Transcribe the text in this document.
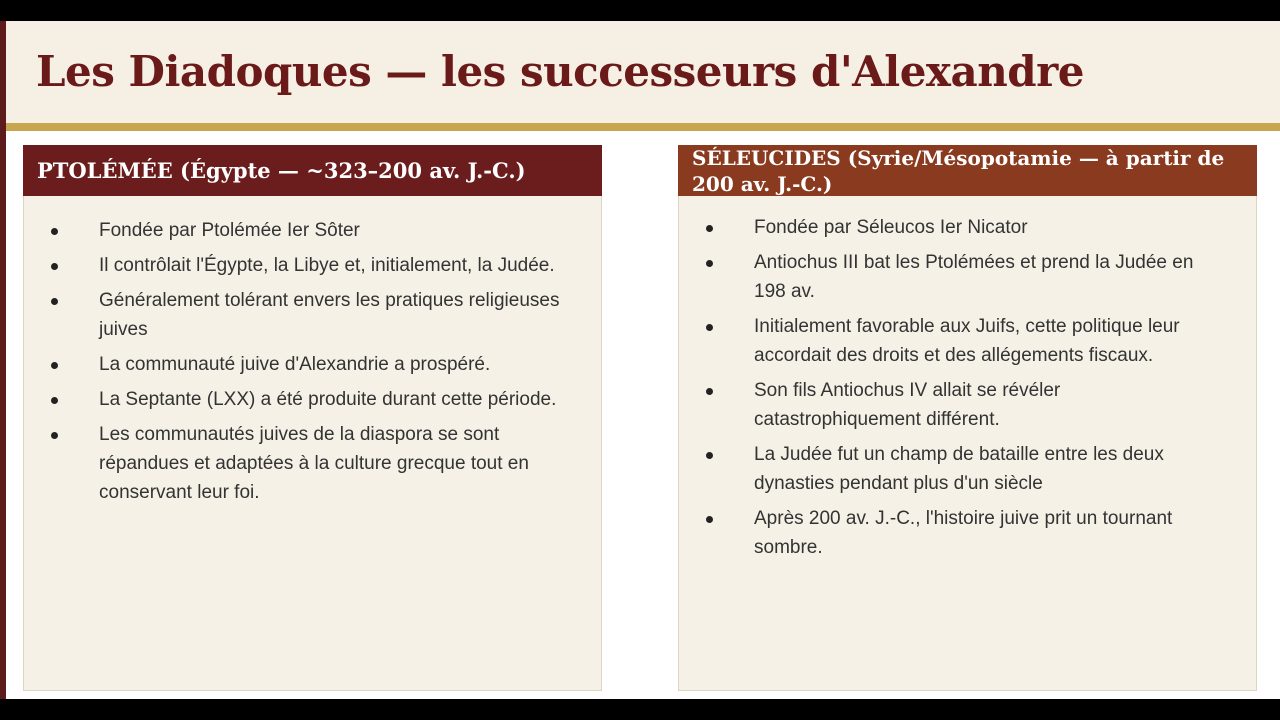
Les Diadoques — les successeurs d'Alexandre
PTOLÉMÉE (Égypte — ~323–200 av. J.-C.)
Fondée par Ptolémée Ier Sôter
Il contrôlait l'Égypte, la Libye et, initialement, la Judée.
Généralement tolérant envers les pratiques religieuses juives
La communauté juive d'Alexandrie a prospéré.
La Septante (LXX) a été produite durant cette période.
Les communautés juives de la diaspora se sont répandues et adaptées à la culture grecque tout en conservant leur foi.
SÉLEUCIDES (Syrie/Mésopotamie — à partir de 200 av. J.-C.)
Fondée par Séleucos Ier Nicator
Antiochus III bat les Ptolémées et prend la Judée en 198 av.
Initialement favorable aux Juifs, cette politique leur accordait des droits et des allégements fiscaux.
Son fils Antiochus IV allait se révéler catastrophiquement différent.
La Judée fut un champ de bataille entre les deux dynasties pendant plus d'un siècle
Après 200 av. J.-C., l'histoire juive prit un tournant sombre.
